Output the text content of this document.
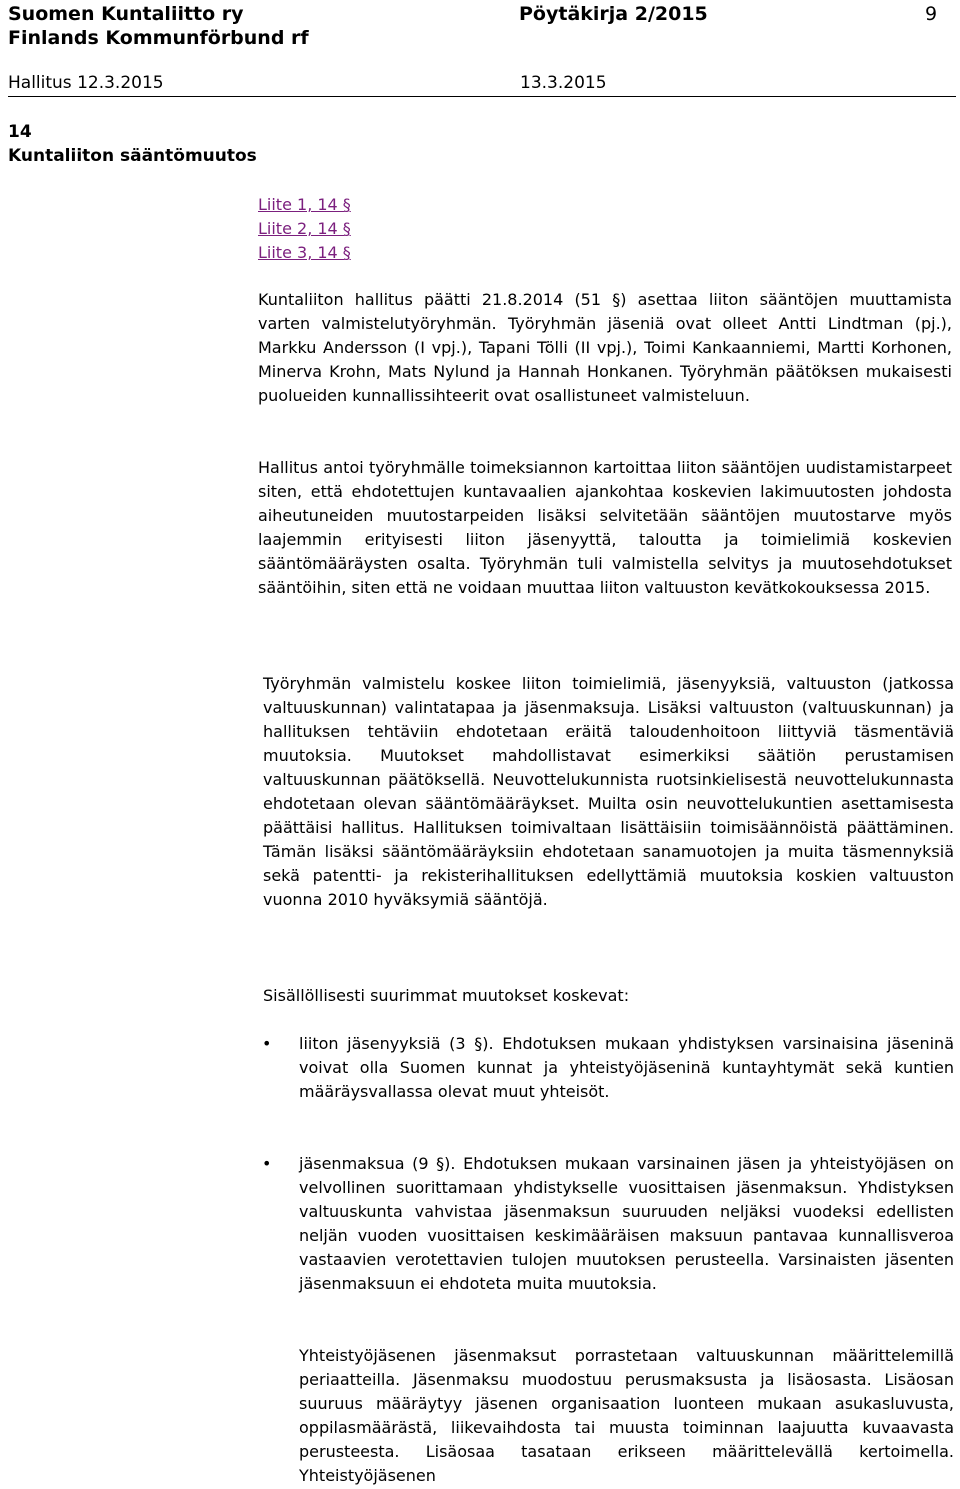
Suomen Kuntaliitto ry	Pöytäkirja 2/2015	9
Finlands Kommunförbund rf
Hallitus 12.3.2015	13.3.2015
14
Kuntaliiton sääntömuutos
Liite 1, 14 §
Liite 2, 14 §
Liite 3, 14 §
Kuntaliiton hallitus päätti 21.8.2014 (51 §) asettaa liiton sääntöjen muuttamista varten valmistelutyöryhmän. Työryhmän jäseniä ovat olleet Antti Lindtman (pj.), Markku Andersson (I vpj.), Tapani Tölli (II vpj.), Toimi Kankaanniemi, Martti Korhonen, Minerva Krohn, Mats Nylund ja Hannah Honkanen. Työryhmän päätöksen mukaisesti puolueiden kunnallissihteerit ovat osallistuneet valmisteluun.
Hallitus antoi työryhmälle toimeksiannon kartoittaa liiton sääntöjen uudistamistarpeet siten, että ehdotettujen kuntavaalien ajankohtaa koskevien lakimuutosten johdosta aiheutuneiden muutostarpeiden lisäksi selvitetään sääntöjen muutostarve myös laajemmin erityisesti liiton jäsenyyttä, taloutta ja toimielimiä koskevien sääntömääräysten osalta. Työryhmän tuli valmistella selvitys ja muutosehdotukset sääntöihin, siten että ne voidaan muuttaa liiton valtuuston kevätkokouksessa 2015.
Työryhmän valmistelu koskee liiton toimielimiä, jäsenyyksiä, valtuuston (jatkossa valtuuskunnan) valintatapaa ja jäsenmaksuja. Lisäksi valtuuston (valtuuskunnan) ja hallituksen tehtäviin ehdotetaan eräitä taloudenhoitoon liittyviä täsmentäviä muutoksia. Muutokset mahdollistavat esimerkiksi säätiön perustamisen valtuuskunnan päätöksellä. Neuvottelukunnista ruotsinkielisestä neuvottelukunnasta ehdotetaan olevan sääntömääräykset. Muilta osin neuvottelukuntien asettamisesta päättäisi hallitus. Hallituksen toimivaltaan lisättäisiin toimisäännöistä päättäminen. Tämän lisäksi sääntömääräyksiin ehdotetaan sanamuotojen ja muita täsmennyksiä sekä patentti- ja rekisterihallituksen edellyttämiä muutoksia koskien valtuuston vuonna 2010 hyväksymiä sääntöjä.
Sisällöllisesti suurimmat muutokset koskevat:
• liiton jäsenyyksiä (3 §). Ehdotuksen mukaan yhdistyksen varsinaisina jäseninä voivat olla Suomen kunnat ja yhteistyöjäseninä kuntayhtymät sekä kuntien määräysvallassa olevat muut yhteisöt.
• jäsenmaksua (9 §). Ehdotuksen mukaan varsinainen jäsen ja yhteistyöjäsen on velvollinen suorittamaan yhdistykselle vuosittaisen jäsenmaksun. Yhdistyksen valtuuskunta vahvistaa jäsenmaksun suuruuden neljäksi vuodeksi edellisten neljän vuoden vuosittaisen keskimääräisen maksuun pantavaa kunnallisveroa vastaavien verotettavien tulojen muutoksen perusteella. Varsinaisten jäsenten jäsenmaksuun ei ehdoteta muita muutoksia.
Yhteistyöjäsenen jäsenmaksut porrastetaan valtuuskunnan määrittelemillä periaatteilla. Jäsenmaksu muodostuu perusmaksusta ja lisäosasta. Lisäosan suuruus määräytyy jäsenen organisaation luonteen mukaan asukasluvusta, oppilasmäärästä, liikevaihdosta tai muusta toiminnan laajuutta kuvaavasta perusteesta. Lisäosaa tasataan erikseen määrittelevällä kertoimella. Yhteistyöjäsenen
